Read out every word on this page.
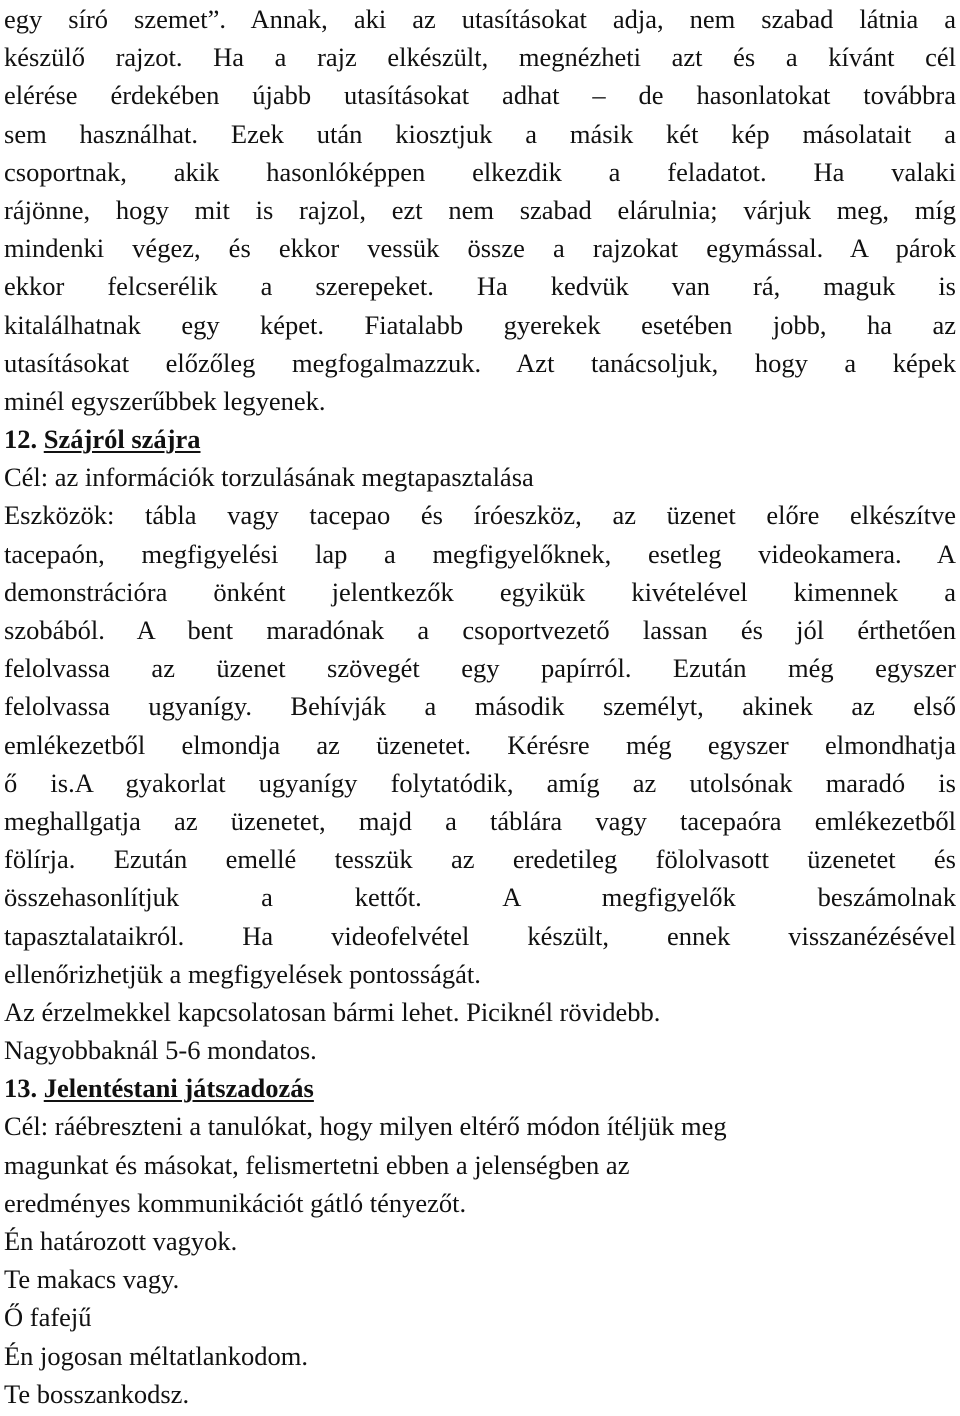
egy síró szemet”. Annak, aki az utasításokat adja, nem szabad látnia a
készülő rajzot. Ha a rajz elkészült, megnézheti azt és a kívánt cél
elérése érdekében újabb utasításokat adhat – de hasonlatokat továbbra
sem használhat. Ezek után kiosztjuk a másik két kép másolatait a
csoportnak, akik hasonlóképpen elkezdik a feladatot. Ha valaki
rájönne, hogy mit is rajzol, ezt nem szabad elárulnia; várjuk meg, míg
mindenki végez, és ekkor vessük össze a rajzokat egymással. A párok
ekkor felcserélik a szerepeket. Ha kedvük van rá, maguk is
kitalálhatnak egy képet. Fiatalabb gyerekek esetében jobb, ha az
utasításokat előzőleg megfogalmazzuk. Azt tanácsoljuk, hogy a képek
minél egyszerűbbek legyenek.
12. Szájról szájra
Cél: az információk torzulásának megtapasztalása
Eszközök: tábla vagy tacepao és íróeszköz, az üzenet előre elkészítve
tacepaón, megfigyelési lap a megfigyelőknek, esetleg videokamera. A
demonstrációra önként jelentkezők egyikük kivételével kimennek a
szobából. A bent maradónak a csoportvezető lassan és jól érthetően
felolvassa az üzenet szövegét egy papírról. Ezután még egyszer
felolvassa ugyanígy. Behívják a második személyt, akinek az első
emlékezetből elmondja az üzenetet. Kérésre még egyszer elmondhatja
ő is.A gyakorlat ugyanígy folytatódik, amíg az utolsónak maradó is
meghallgatja az üzenetet, majd a táblára vagy tacepaóra emlékezetből
fölírja. Ezután emellé tesszük az eredetileg fölolvasott üzenetet és
összehasonlítjuk a kettőt. A megfigyelők beszámolnak
tapasztalataikról. Ha videofelvétel készült, ennek visszanézésével
ellenőrizhetjük a megfigyelések pontosságát.
Az érzelmekkel kapcsolatosan bármi lehet. Piciknél rövidebb.
Nagyobbaknál 5-6 mondatos.
13. Jelentéstani játszadozás
Cél: ráébreszteni a tanulókat, hogy milyen eltérő módon ítéljük meg
magunkat és másokat, felismertetni ebben a jelenségben az
eredményes kommunikációt gátló tényezőt.
Én határozott vagyok.
Te makacs vagy.
Ő fafejű
Én jogosan méltatlankodom.
Te bosszankodsz.
